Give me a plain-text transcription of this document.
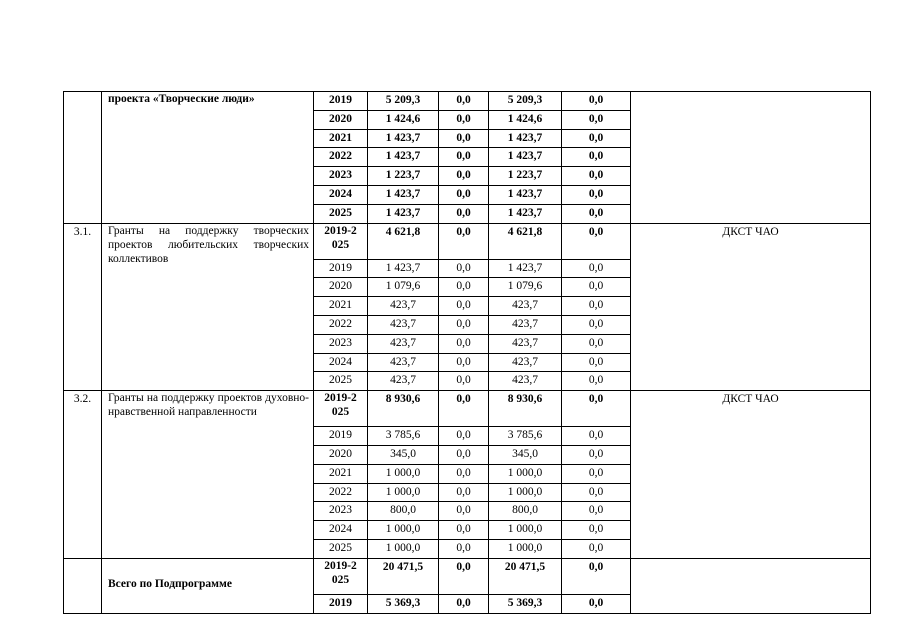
	проекта «Творческие люди»	2019	5 209,3	0,0	5 209,3	0,0	
		2020	1 424,6	0,0	1 424,6	0,0	
		2021	1 423,7	0,0	1 423,7	0,0	
		2022	1 423,7	0,0	1 423,7	0,0	
		2023	1 223,7	0,0	1 223,7	0,0	
		2024	1 423,7	0,0	1 423,7	0,0	
		2025	1 423,7	0,0	1 423,7	0,0	
3.1.	Гранты на поддержку творческих проектов любительских творческих коллективов	2019-2025	4 621,8	0,0	4 621,8	0,0	ДКСТ ЧАО
		2019	1 423,7	0,0	1 423,7	0,0	
		2020	1 079,6	0,0	1 079,6	0,0	
		2021	423,7	0,0	423,7	0,0	
		2022	423,7	0,0	423,7	0,0	
		2023	423,7	0,0	423,7	0,0	
		2024	423,7	0,0	423,7	0,0	
		2025	423,7	0,0	423,7	0,0	
3.2.	Гранты на поддержку проектов духовно-нравственной направленности	2019-2025	8 930,6	0,0	8 930,6	0,0	ДКСТ ЧАО
		2019	3 785,6	0,0	3 785,6	0,0	
		2020	345,0	0,0	345,0	0,0	
		2021	1 000,0	0,0	1 000,0	0,0	
		2022	1 000,0	0,0	1 000,0	0,0	
		2023	800,0	0,0	800,0	0,0	
		2024	1 000,0	0,0	1 000,0	0,0	
		2025	1 000,0	0,0	1 000,0	0,0	

	Всего по Подпрограмме	2019-2025	20 471,5	0,0	20 471,5	0,0	
		2019	5 369,3	0,0	5 369,3	0,0	
